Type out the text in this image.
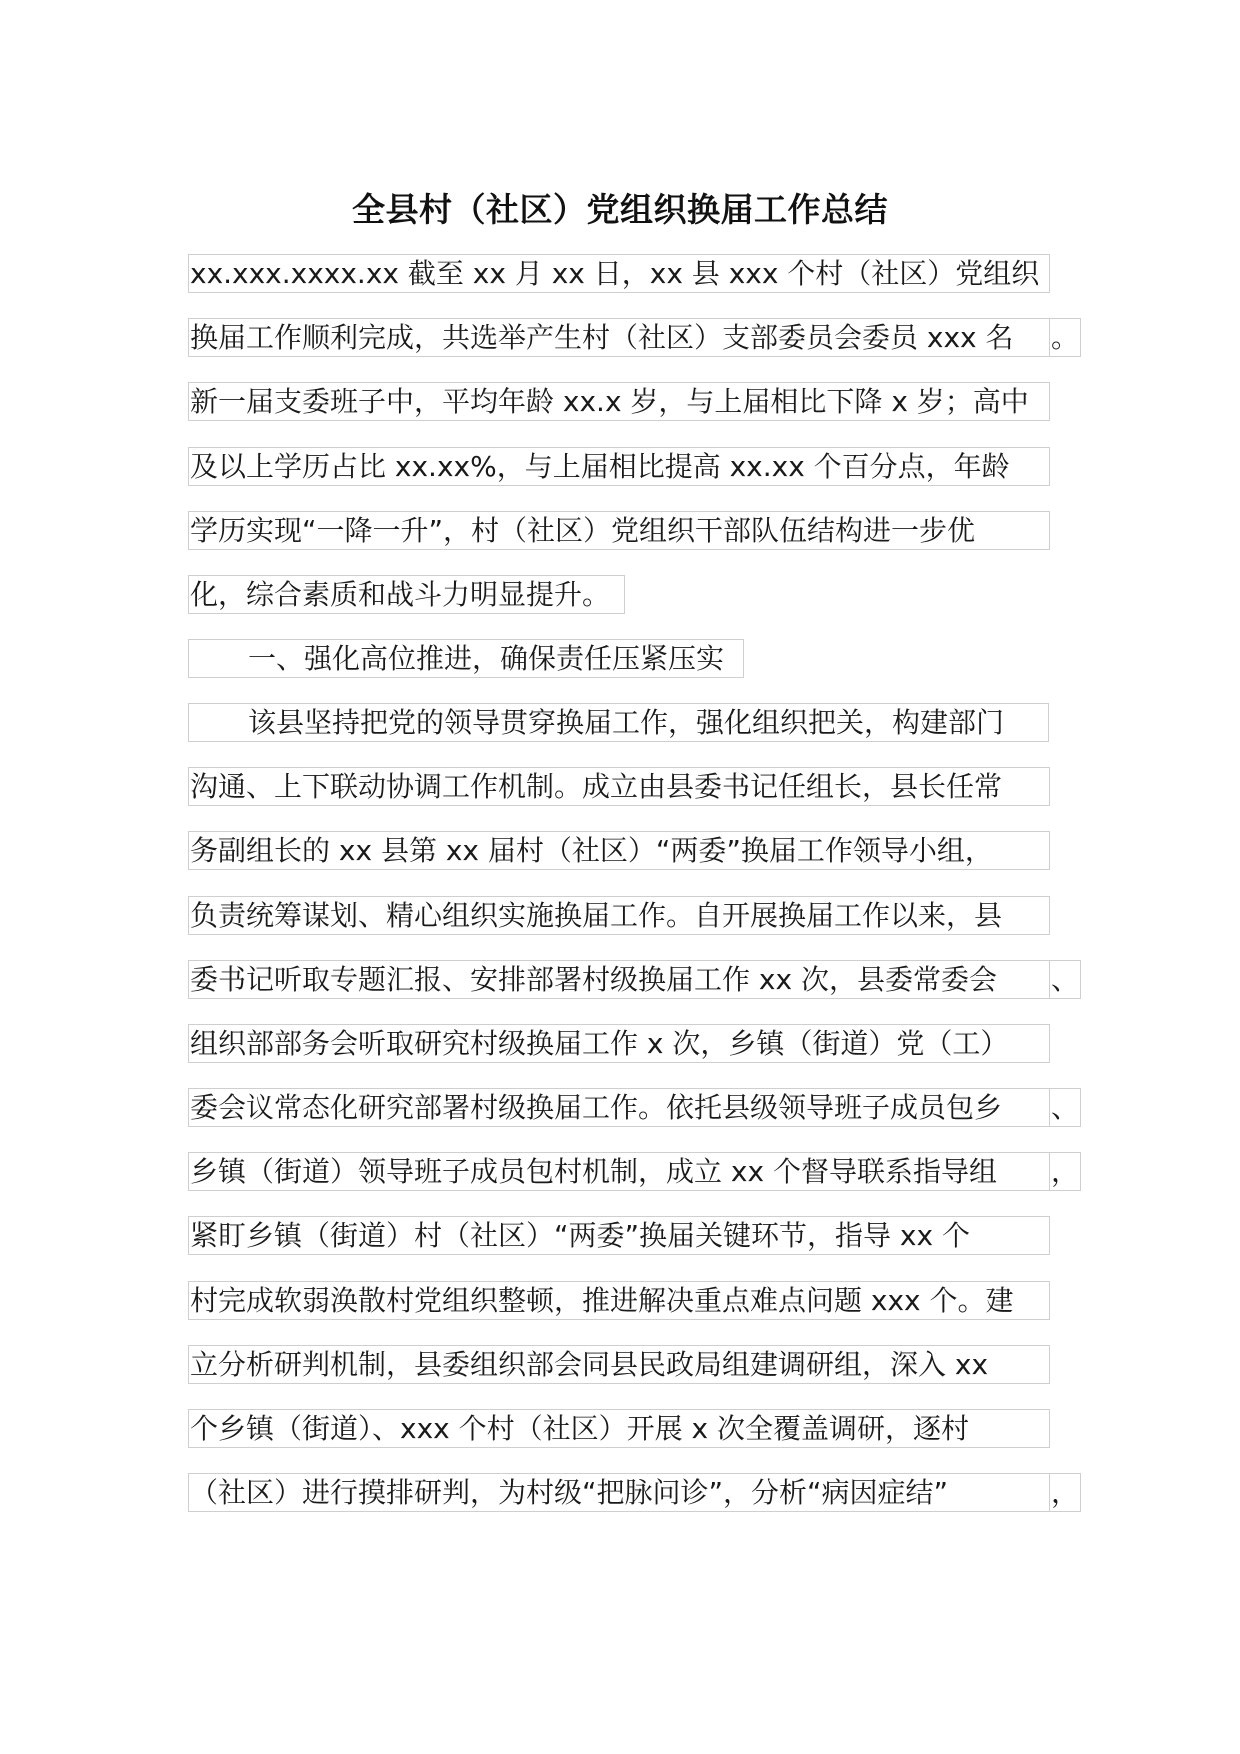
全县村（社区）党组织换届工作总结
xx.xxx.xxxx.xx 截至 xx 月 xx 日，xx 县 xxx 个村（社区）党组织
换届工作顺利完成，共选举产生村（社区）支部委员会委员 xxx 名	。
新一届支委班子中，平均年龄 xx.x 岁，与上届相比下降 x 岁；高中
及以上学历占比 xx.xx%，与上届相比提高 xx.xx 个百分点，年龄
学历实现“一降一升”，村（社区）党组织干部队伍结构进一步优
化，综合素质和战斗力明显提升。
一、强化高位推进，确保责任压紧压实
该县坚持把党的领导贯穿换届工作，强化组织把关，构建部门
沟通、上下联动协调工作机制。成立由县委书记任组长，县长任常
务副组长的 xx 县第 xx 届村（社区）“两委”换届工作领导小组，
负责统筹谋划、精心组织实施换届工作。自开展换届工作以来，县
委书记听取专题汇报、安排部署村级换届工作 xx 次，县委常委会	、
组织部部务会听取研究村级换届工作 x 次，乡镇（街道）党（工）
委会议常态化研究部署村级换届工作。依托县级领导班子成员包乡	、
乡镇（街道）领导班子成员包村机制，成立 xx 个督导联系指导组	，
紧盯乡镇（街道）村（社区）“两委”换届关键环节，指导 xx 个
村完成软弱涣散村党组织整顿，推进解决重点难点问题 xxx 个。建
立分析研判机制，县委组织部会同县民政局组建调研组，深入 xx
个乡镇（街道）、xxx 个村（社区）开展 x 次全覆盖调研，逐村
（社区）进行摸排研判，为村级“把脉问诊”，分析“病因症结”	，
